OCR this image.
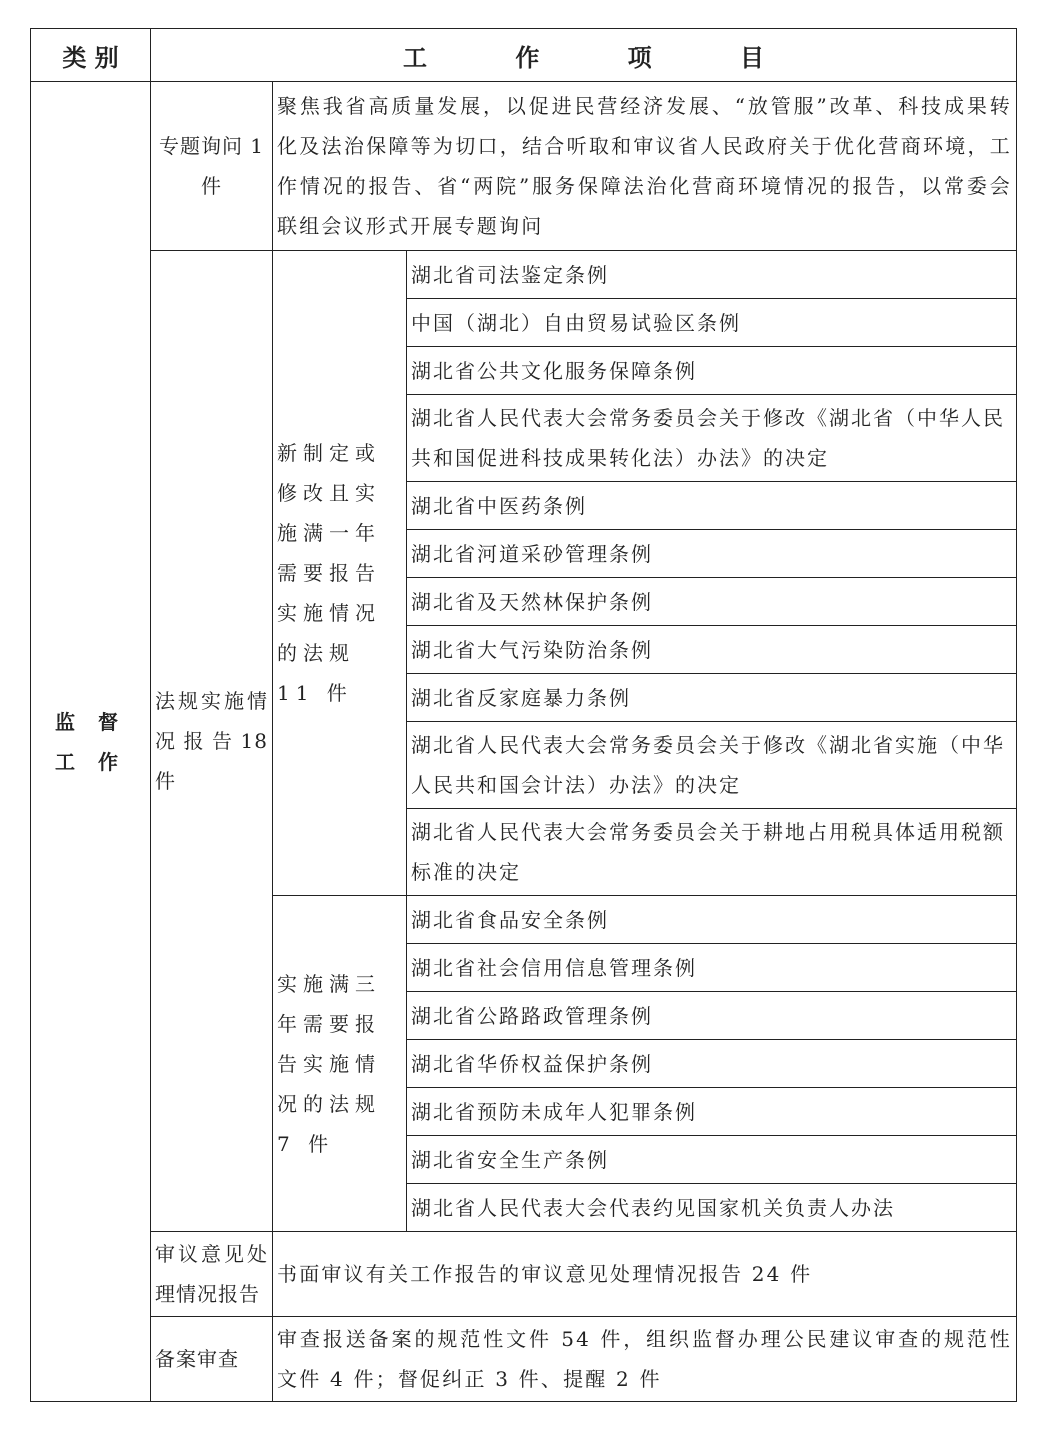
类 别	工 作 项 目		

监 督
工 作	专题询问 1 件	聚焦我省高质量发展，以促进民营经济发展、“放管服”改革、科技成果转化及法治保障等为切口，结合听取和审议省人民政府关于优化营商环境，工作情况的报告、省“两院”服务保障法治化营商环境情况的报告，以常委会联组会议形式开展专题询问	
	法规实施情况 报 告 18 件	新制定或修改且实施满一年需要报告实施情况的法规 11 件	湖北省司法鉴定条例
			中国（湖北）自由贸易试验区条例
			湖北省公共文化服务保障条例
			湖北省人民代表大会常务委员会关于修改《湖北省（中华人民共和国促进科技成果转化法）办法》的决定
			湖北省中医药条例
			湖北省河道采砂管理条例
			湖北省及天然林保护条例
			湖北省大气污染防治条例
			湖北省反家庭暴力条例
			湖北省人民代表大会常务委员会关于修改《湖北省实施（中华人民共和国会计法）办法》的决定
			湖北省人民代表大会常务委员会关于耕地占用税具体适用税额标准的决定
		实施满三年需要报告实施情况的法规 7 件	湖北省食品安全条例
			湖北省社会信用信息管理条例
			湖北省公路路政管理条例
			湖北省华侨权益保护条例
			湖北省预防未成年人犯罪条例
			湖北省安全生产条例
			湖北省人民代表大会代表约见国家机关负责人办法
	审议意见处理情况报告	书面审议有关工作报告的审议意见处理情况报告 24 件	
	备案审查	审查报送备案的规范性文件 54 件，组织监督办理公民建议审查的规范性文件 4 件；督促纠正 3 件、提醒 2 件	
